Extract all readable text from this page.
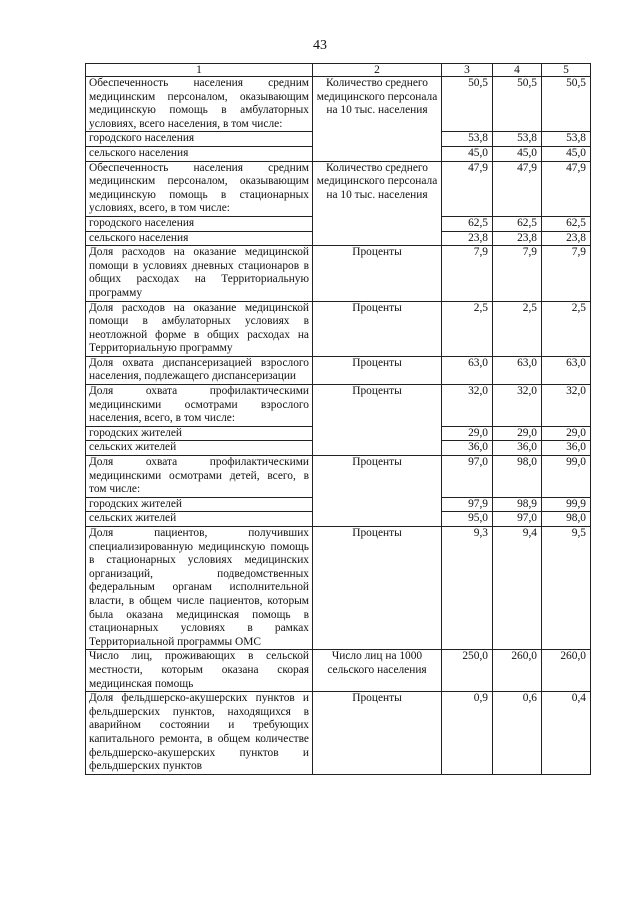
43
1	2	3	4	5
Обеспеченность населения средним медицинским персоналом, оказывающим медицинскую помощь в амбулаторных условиях, всего населения, в том числе:	Количество среднего медицинского персонала на 10 тыс. населения	50,5	50,5	50,5
городского населения		53,8	53,8	53,8
сельского населения		45,0	45,0	45,0
Обеспеченность населения средним медицинским персоналом, оказывающим медицинскую помощь в стационарных условиях, всего, в том числе:	Количество среднего медицинского персонала на 10 тыс. населения	47,9	47,9	47,9
городского населения		62,5	62,5	62,5
сельского населения		23,8	23,8	23,8
Доля расходов на оказание медицинской помощи в условиях дневных стационаров в общих расходах на Территориальную программу	Проценты	7,9	7,9	7,9
Доля расходов на оказание медицинской помощи в амбулаторных условиях в неотложной форме в общих расходах на Территориальную программу	Проценты	2,5	2,5	2,5
Доля охвата диспансеризацией взрослого населения, подлежащего диспансеризации	Проценты	63,0	63,0	63,0
Доля охвата профилактическими медицинскими осмотрами взрослого населения, всего, в том числе:	Проценты	32,0	32,0	32,0
городских жителей		29,0	29,0	29,0
сельских жителей		36,0	36,0	36,0
Доля охвата профилактическими медицинскими осмотрами детей, всего, в том числе:	Проценты	97,0	98,0	99,0
городских жителей		97,9	98,9	99,9
сельских жителей		95,0	97,0	98,0
Доля пациентов, получивших специализированную медицинскую помощь в стационарных условиях медицинских организаций, подведомственных федеральным органам исполнительной власти, в общем числе пациентов, которым была оказана медицинская помощь в стационарных условиях в рамках Территориальной программы ОМС	Проценты	9,3	9,4	9,5
Число лиц, проживающих в сельской местности, которым оказана скорая медицинская помощь	Число лиц на 1000 сельского населения	250,0	260,0	260,0
Доля фельдшерско-акушерских пунктов и фельдшерских пунктов, находящихся в аварийном состоянии и требующих капитального ремонта, в общем количестве фельдшерско-акушерских пунктов и фельдшерских пунктов	Проценты	0,9	0,6	0,4
